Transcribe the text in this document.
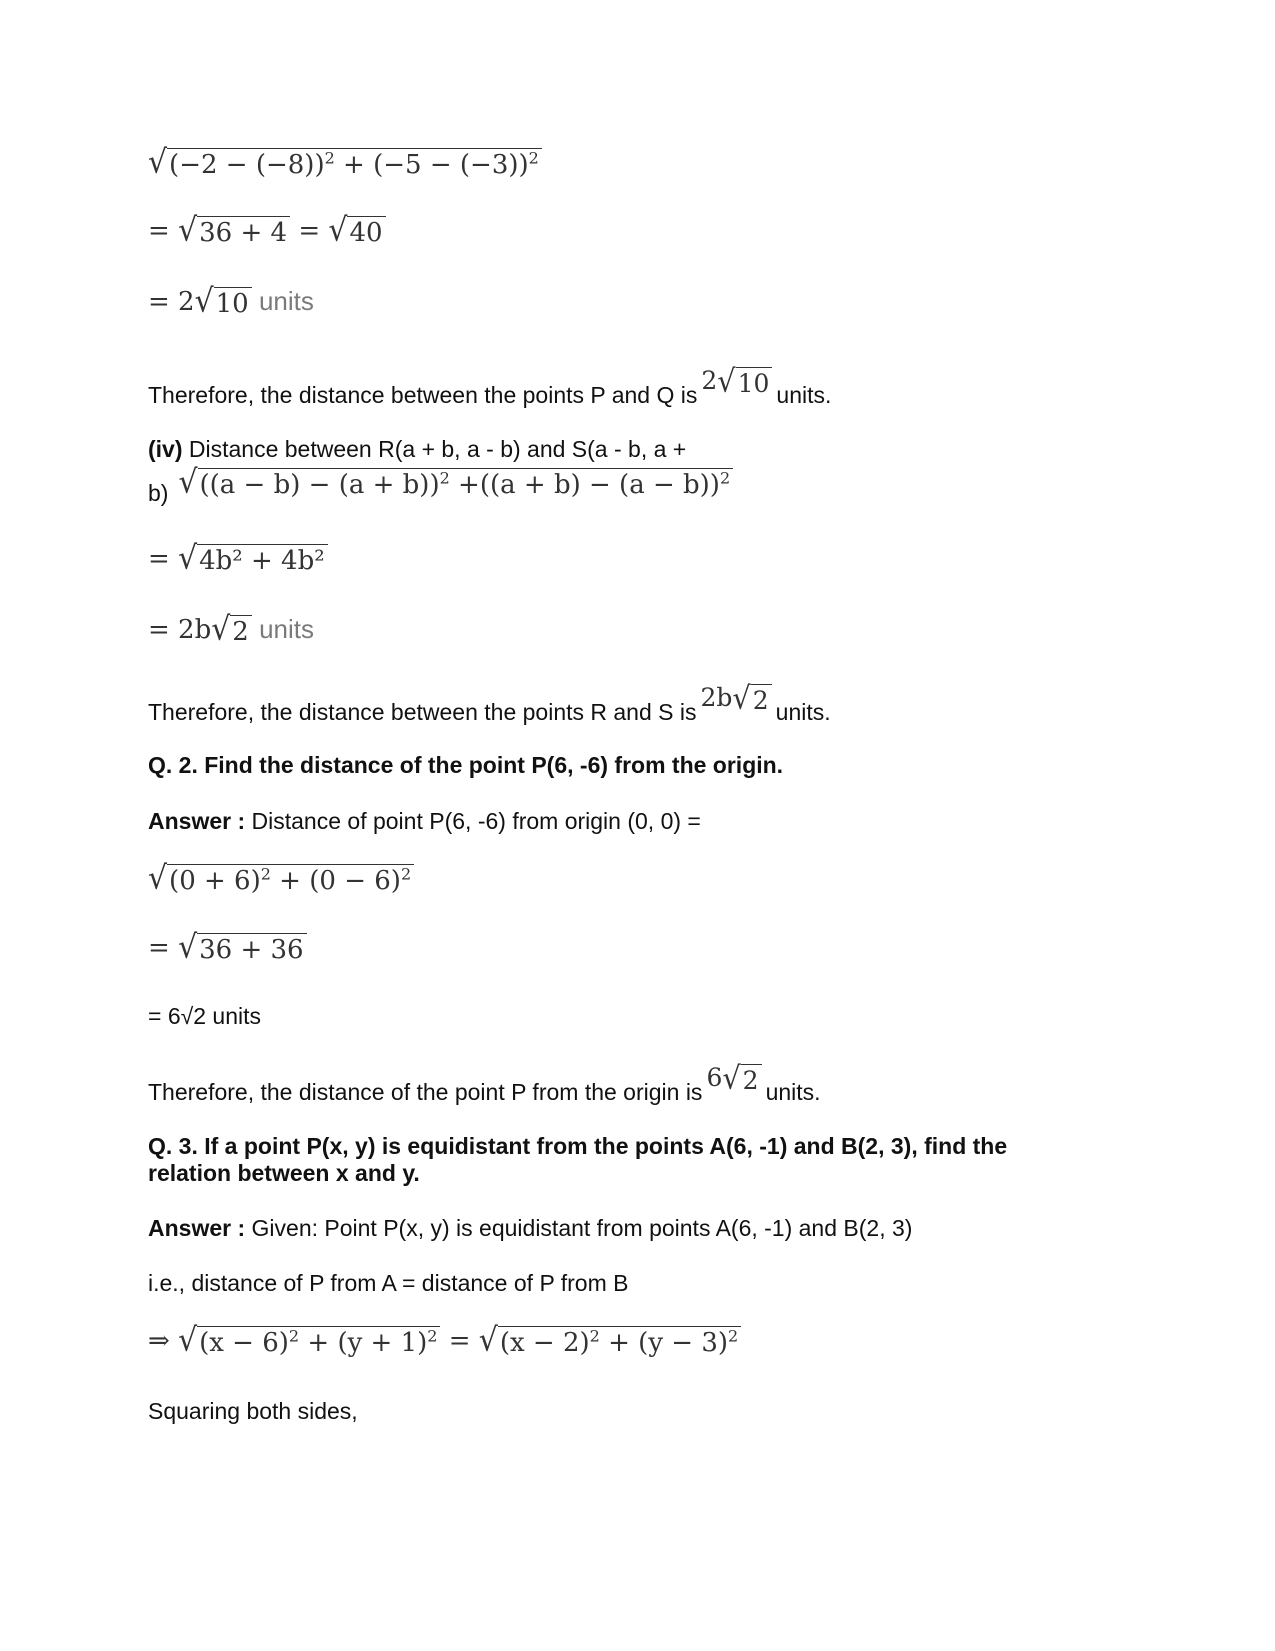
√ $(-2 - (-8))^2 + (-5 - (-3))^2$
= √ 36 + 4 = √ 40
= 2 √ 10 units
Therefore, the distance between the points P and Q is 2 √ 10 units.
(iv) Distance between R(a + b, a - b) and S(a - b, a +
b) √ $((a - b) - (a + b))^2 +((a + b) - (a - b))^2$
= √ 4b² + 4b²
= 2b √ 2 units
Therefore, the distance between the points R and S is 2b √ 2 units.
Q. 2. Find the distance of the point P(6, -6) from the origin.
Answer : Distance of point P(6, -6) from origin (0, 0) =
√ $(0 + 6)^2 + (0 - 6)^2$
= √ 36 + 36
= 6√2 units
Therefore, the distance of the point P from the origin is 6 √ 2 units.
Q. 3. If a point P(x, y) is equidistant from the points A(6, -1) and B(2, 3), find the
relation between x and y.
Answer : Given: Point P(x, y) is equidistant from points A(6, -1) and B(2, 3)
i.e., distance of P from A = distance of P from B
⇒ √ $(x - 6)^2 + (y + 1)^2$ = √ $(x - 2)^2 + (y - 3)^2$
Squaring both sides,
